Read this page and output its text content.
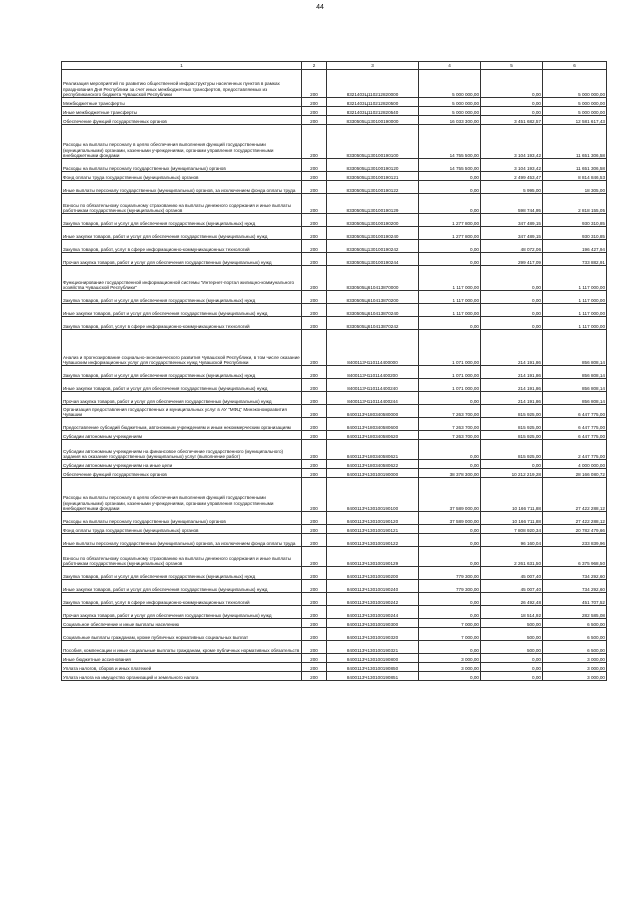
44
1	2	3	4	5	6
Реализация мероприятий по развитию общественной инфраструктуры населенных пунктов в рамках празднования Дня Республики за счет иных межбюджетных трансфертов, предоставляемых из республиканского бюджета Чувашской Республики	200	8321403Ц110212820000	5 000 000,00	0,00	5 000 000,00
Межбюджетные трансферты	200	8321403Ц110212820500	5 000 000,00	0,00	5 000 000,00
Иные межбюджетные трансферты	200	8321403Ц110212820540	5 000 000,00	0,00	5 000 000,00
Обеспечение функций государственных органов	200	8330505Ц130100190000	16 033 300,00	3 451 682,57	12 581 617,43
Расходы на выплаты персоналу в целях обеспечения выполнения функций государственными (муниципальными) органами, казенными учреждениями, органами управления государственными внебюджетными фондами	200	8330505Ц130100190100	14 755 500,00	3 104 193,42	11 651 306,58
Расходы на выплаты персоналу государственных (муниципальных) органов	200	8330505Ц130100190120	14 755 500,00	3 104 193,42	11 651 306,58
Фонд оплаты труда государственных (муниципальных) органов	200	8330505Ц130100190121	0,00	2 499 453,47	8 814 846,53
Иные выплаты персоналу государственных (муниципальных) органов, за исключением фонда оплаты труда	200	8330505Ц130100190122	0,00	5 995,00	18 305,00
Взносы по обязательному социальному страхованию на выплаты денежного содержания и иные выплаты работникам государственных (муниципальных) органов	200	8330505Ц130100190129	0,00	598 744,95	2 818 155,05
Закупка товаров, работ и услуг для обеспечения государственных (муниципальных) нужд	200	8330505Ц130100190200	1 277 800,00	347 489,15	930 310,85
Иные закупки товаров, работ и услуг для обеспечения государственных (муниципальных) нужд	200	8330505Ц130100190240	1 277 800,00	347 489,15	930 310,85
Закупка товаров, работ, услуг в сфере информационно-коммуникационных технологий	200	8330505Ц130100190242	0,00	48 072,06	196 427,94
Прочая закупка товаров, работ и услуг для обеспечения государственных (муниципальных) нужд	200	8330505Ц130100190244	0,00	299 417,09	733 882,91
Функционирование государственной информационной системы "Интернет-портал жилищно-коммунального хозяйства Чувашской Республики"	200	8330505Ц610413870000	1 117 000,00	0,00	1 117 000,00
Закупка товаров, работ и услуг для обеспечения государственных (муниципальных) нужд	200	8330505Ц610413870200	1 117 000,00	0,00	1 117 000,00
Иные закупки товаров, работ и услуг для обеспечения государственных (муниципальных) нужд	200	8330505Ц610413870240	1 117 000,00	0,00	1 117 000,00
Закупка товаров, работ, услуг в сфере информационно-коммуникационных технологий	200	8330505Ц610413870242	0,00	0,00	1 117 000,00
Анализ и прогнозирование социально-экономического развития Чувашской Республики, в том числе оказание Чувашским информационных услуг для государственных нужд Чувашской Республики	200	8400113Ч110114400000	1 071 000,00	214 191,86	856 808,14
Закупка товаров, работ и услуг для обеспечения государственных (муниципальных) нужд	200	8400113Ч110114400200	1 071 000,00	214 191,86	856 808,14
Иные закупки товаров, работ и услуг для обеспечения государственных (муниципальных) нужд	200	8400113Ч110114400240	1 071 000,00	214 191,86	856 808,14
Прочая закупка товаров, работ и услуг для обеспечения государственных (муниципальных) нужд	200	8400113Ч110114400244	0,00	214 191,86	856 808,14
Организация предоставления государственных и муниципальных услуг в АУ "МФЦ" Минэкономразвития Чувашии	200	8400113Ч180340580000	7 263 700,00	815 925,00	6 447 775,00
Предоставление субсидий бюджетным, автономным учреждениям и иным некоммерческим организациям	200	8400113Ч180340580600	7 263 700,00	815 925,00	6 447 775,00
Субсидии автономным учреждениям	200	8400113Ч180340580620	7 263 700,00	815 925,00	6 447 775,00
Субсидии автономным учреждениям на финансовое обеспечение государственного (муниципального) задания на оказание государственных (муниципальных) услуг (выполнение работ)	200	8400113Ч180340580621	0,00	815 925,00	2 447 775,00
Субсидии автономным учреждениям на иные цели	200	8400113Ч180340580622	0,00	0,00	4 000 000,00
Обеспечение функций государственных органов	200	8400113Ч130100190000	38 378 300,00	10 212 219,28	28 166 080,72
Расходы на выплаты персоналу в целях обеспечения выполнения функций государственными (муниципальными) органами, казенными учреждениями, органами управления государственными внебюджетными фондами	200	8400113Ч130100190100	37 589 000,00	10 166 711,88	27 422 288,12
Расходы на выплаты персоналу государственных (муниципальных) органов	200	8400113Ч130100190120	37 589 000,00	10 166 711,88	27 422 288,12
Фонд оплаты труда государственных (муниципальных) органов	200	8400113Ч130100190121	0,00	7 808 920,34	20 782 479,66
Иные выплаты персоналу государственных (муниципальных) органов, за исключением фонда оплаты труда	200	8400113Ч130100190122	0,00	96 160,04	233 839,96
Взносы по обязательному социальному страхованию на выплаты денежного содержания и иные выплаты работникам государственных (муниципальных) органов	200	8400113Ч130100190129	0,00	2 261 631,50	6 375 968,50
Закупка товаров, работ и услуг для обеспечения государственных (муниципальных) нужд	200	8400113Ч130100190200	779 300,00	45 007,40	734 292,60
Иные закупки товаров, работ и услуг для обеспечения государственных (муниципальных) нужд	200	8400113Ч130100190240	779 300,00	45 007,40	734 292,60
Закупка товаров, работ, услуг в сфере информационно-коммуникационных технологий	200	8400113Ч130100190242	0,00	26 492,48	451 707,52
Прочая закупка товаров, работ и услуг для обеспечения государственных (муниципальных) нужд	200	8400113Ч130100190244	0,00	18 514,92	282 585,08
Социальное обеспечение и иные выплаты населению	200	8400113Ч130100190300	7 000,00	500,00	6 500,00
Социальные выплаты гражданам, кроме публичных нормативных социальных выплат	200	8400113Ч130100190320	7 000,00	500,00	6 500,00
Пособия, компенсации и иные социальные выплаты гражданам, кроме публичных нормативных обязательств	200	8400113Ч130100190321	0,00	500,00	6 500,00
Иные бюджетные ассигнования	200	8400113Ч130100190800	3 000,00	0,00	3 000,00
Уплата налогов, сборов и иных платежей	200	8400113Ч130100190850	3 000,00	0,00	3 000,00
Уплата налога на имущество организаций и земельного налога	200	8400113Ч130100190851	0,00	0,00	3 000,00
